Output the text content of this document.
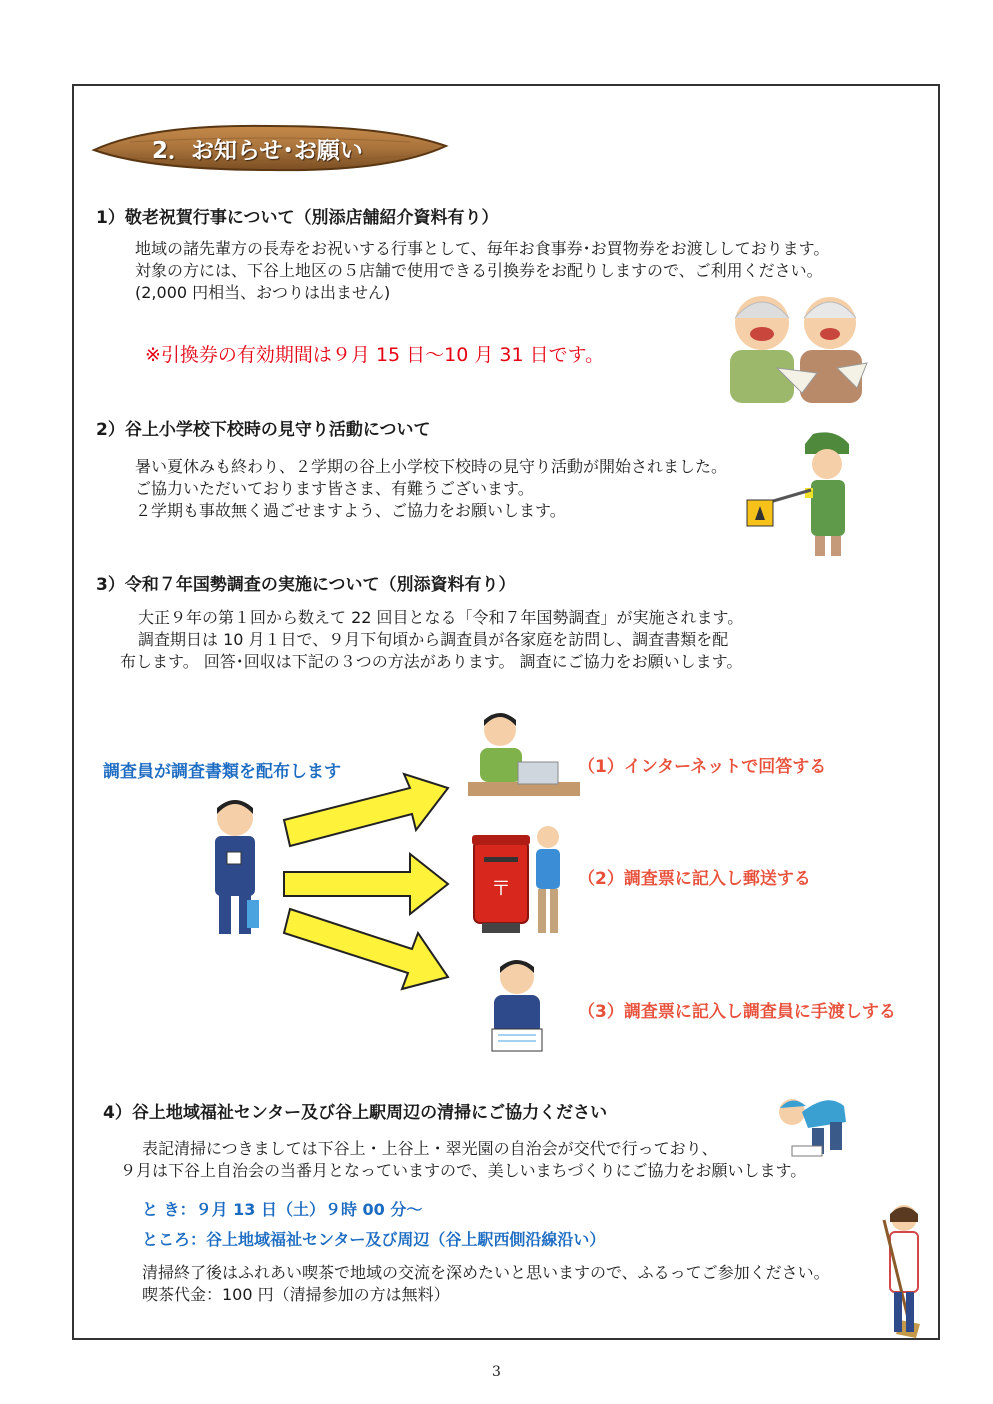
2．お知らせ･お願い
1）敬老祝賀行事について（別添店舗紹介資料有り）
地域の諸先輩方の長寿をお祝いする行事として、毎年お食事券･お買物券をお渡ししております。
対象の方には、下谷上地区の５店舗で使用できる引換券をお配りしますので、ご利用ください。
(2,000 円相当、おつりは出ません)
※引換券の有効期間は９月 15 日～10 月 31 日です。
2）谷上小学校下校時の見守り活動について
暑い夏休みも終わり、２学期の谷上小学校下校時の見守り活動が開始されました。
ご協力いただいております皆さま、有難うございます。
２学期も事故無く過ごせますよう、ご協力をお願いします。
3）令和７年国勢調査の実施について（別添資料有り）
大正９年の第１回から数えて 22 回目となる「令和７年国勢調査」が実施されます。
調査期日は 10 月１日で、９月下旬頃から調査員が各家庭を訪問し、調査書類を配
布します。 回答･回収は下記の３つの方法があります。 調査にご協力をお願いします。
調査員が調査書類を配布します	（1）インターネットで回答する
〒	（2）調査票に記入し郵送する
（3）調査票に記入し調査員に手渡しする
4）谷上地域福祉センター及び谷上駅周辺の清掃にご協力ください
表記清掃につきましては下谷上・上谷上・翠光園の自治会が交代で行っており、
９月は下谷上自治会の当番月となっていますので、美しいまちづくりにご協力をお願いします。
と き：９月 13 日（土）９時 00 分～
ところ：谷上地域福祉センター及び周辺（谷上駅西側沿線沿い）
清掃終了後はふれあい喫茶で地域の交流を深めたいと思いますので、ふるってご参加ください。
喫茶代金：100 円（清掃参加の方は無料）
3
